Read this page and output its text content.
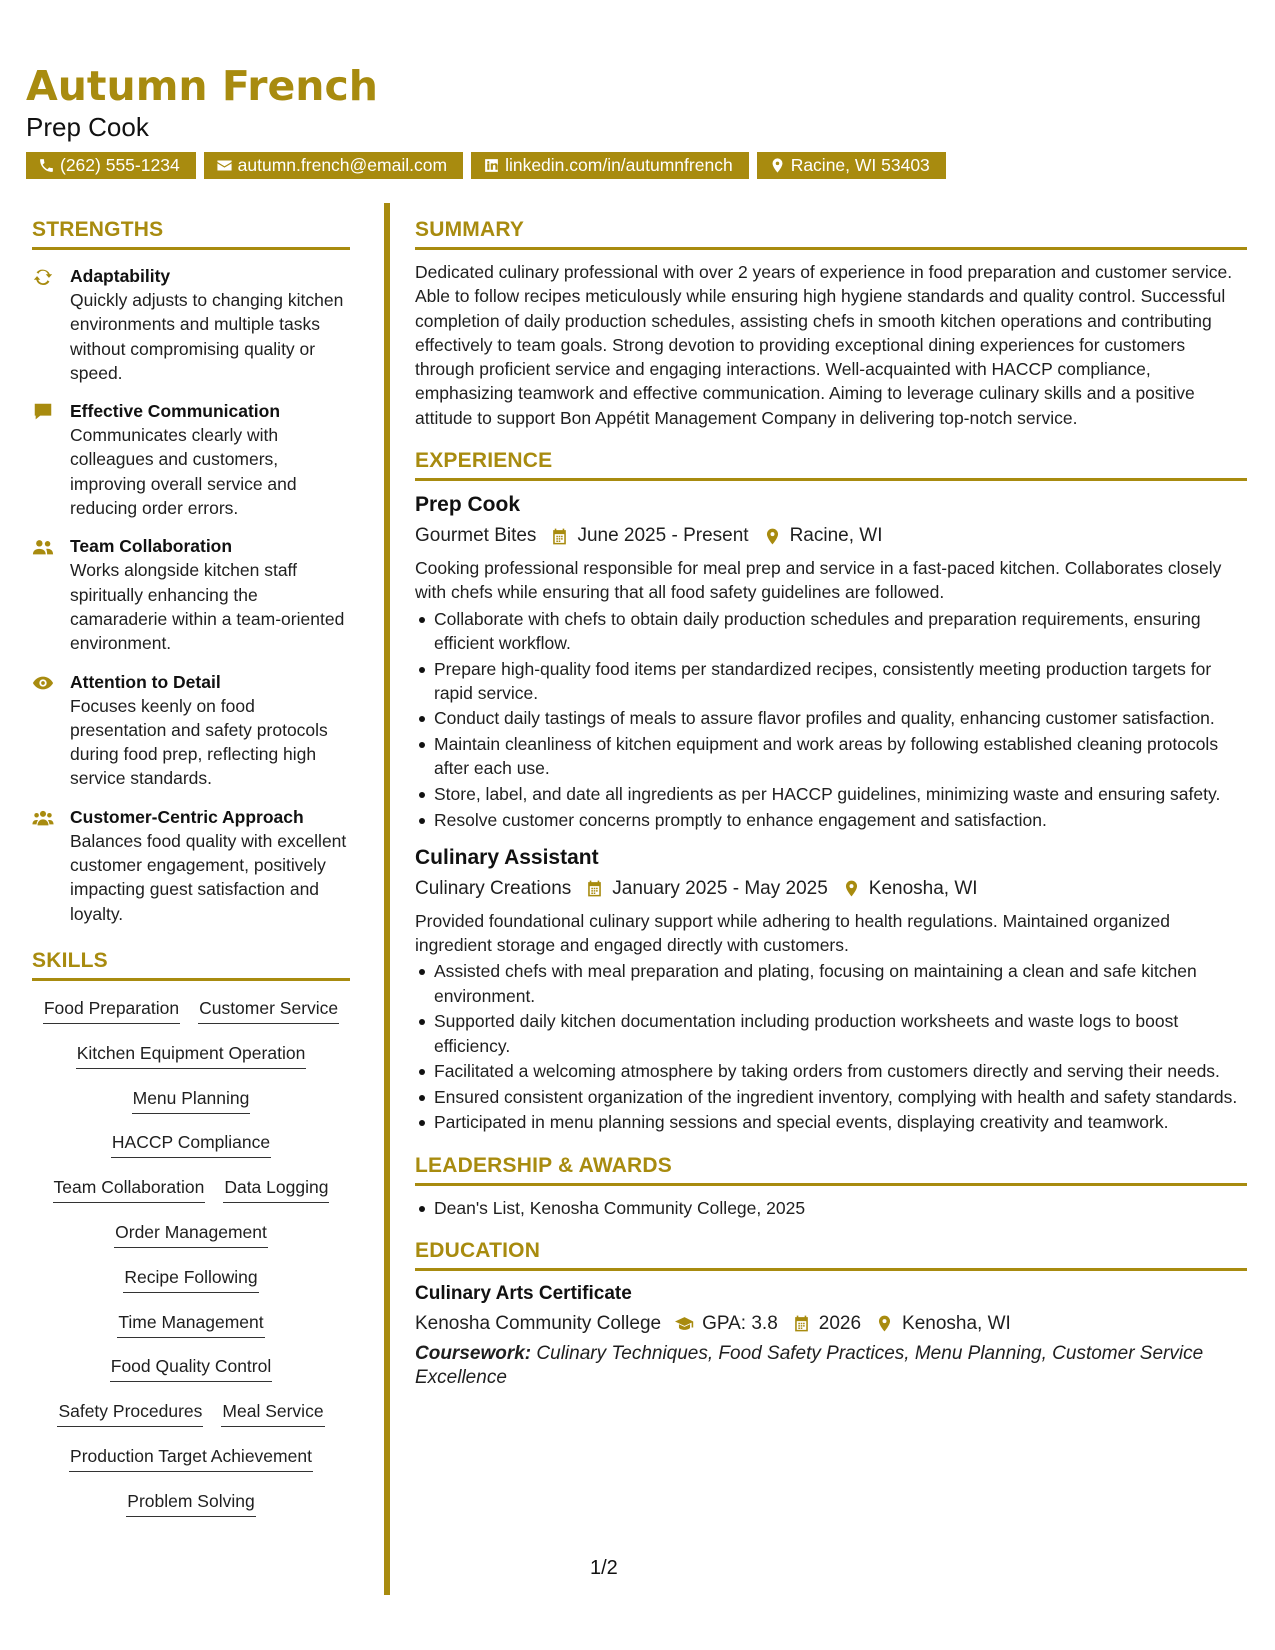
Autumn French
Prep Cook
(262) 555-1234	autumn.french@email.com	linkedin.com/in/autumnfrench	Racine, WI 53403
STRENGTHS
Adaptability
Quickly adjusts to changing kitchen environments and multiple tasks without compromising quality or speed.
Effective Communication
Communicates clearly with colleagues and customers, improving overall service and reducing order errors.
Team Collaboration
Works alongside kitchen staff spiritually enhancing the camaraderie within a team-oriented environment.
Attention to Detail
Focuses keenly on food presentation and safety protocols during food prep, reflecting high service standards.
Customer-Centric Approach
Balances food quality with excellent customer engagement, positively impacting guest satisfaction and loyalty.
SKILLS
Food Preparation Customer Service
Kitchen Equipment Operation
Menu Planning
HACCP Compliance
Team Collaboration Data Logging
Order Management
Recipe Following
Time Management
Food Quality Control
Safety Procedures Meal Service
Production Target Achievement
Problem Solving
SUMMARY
Dedicated culinary professional with over 2 years of experience in food preparation and customer service. Able to follow recipes meticulously while ensuring high hygiene standards and quality control. Successful completion of daily production schedules, assisting chefs in smooth kitchen operations and contributing effectively to team goals. Strong devotion to providing exceptional dining experiences for customers through proficient service and engaging interactions. Well-acquainted with HACCP compliance, emphasizing teamwork and effective communication. Aiming to leverage culinary skills and a positive attitude to support Bon Appétit Management Company in delivering top-notch service.
EXPERIENCE
Prep Cook
Gourmet Bites June 2025 - Present Racine, WI
Cooking professional responsible for meal prep and service in a fast-paced kitchen. Collaborates closely with chefs while ensuring that all food safety guidelines are followed.
Collaborate with chefs to obtain daily production schedules and preparation requirements, ensuring efficient workflow.
Prepare high-quality food items per standardized recipes, consistently meeting production targets for rapid service.
Conduct daily tastings of meals to assure flavor profiles and quality, enhancing customer satisfaction.
Maintain cleanliness of kitchen equipment and work areas by following established cleaning protocols after each use.
Store, label, and date all ingredients as per HACCP guidelines, minimizing waste and ensuring safety.
Resolve customer concerns promptly to enhance engagement and satisfaction.
Culinary Assistant
Culinary Creations January 2025 - May 2025 Kenosha, WI
Provided foundational culinary support while adhering to health regulations. Maintained organized ingredient storage and engaged directly with customers.
Assisted chefs with meal preparation and plating, focusing on maintaining a clean and safe kitchen environment.
Supported daily kitchen documentation including production worksheets and waste logs to boost efficiency.
Facilitated a welcoming atmosphere by taking orders from customers directly and serving their needs.
Ensured consistent organization of the ingredient inventory, complying with health and safety standards.
Participated in menu planning sessions and special events, displaying creativity and teamwork.
LEADERSHIP & AWARDS
Dean's List, Kenosha Community College, 2025
EDUCATION
Culinary Arts Certificate
Kenosha Community College GPA: 3.8 2026 Kenosha, WI
Coursework: Culinary Techniques, Food Safety Practices, Menu Planning, Customer Service Excellence
1/2
